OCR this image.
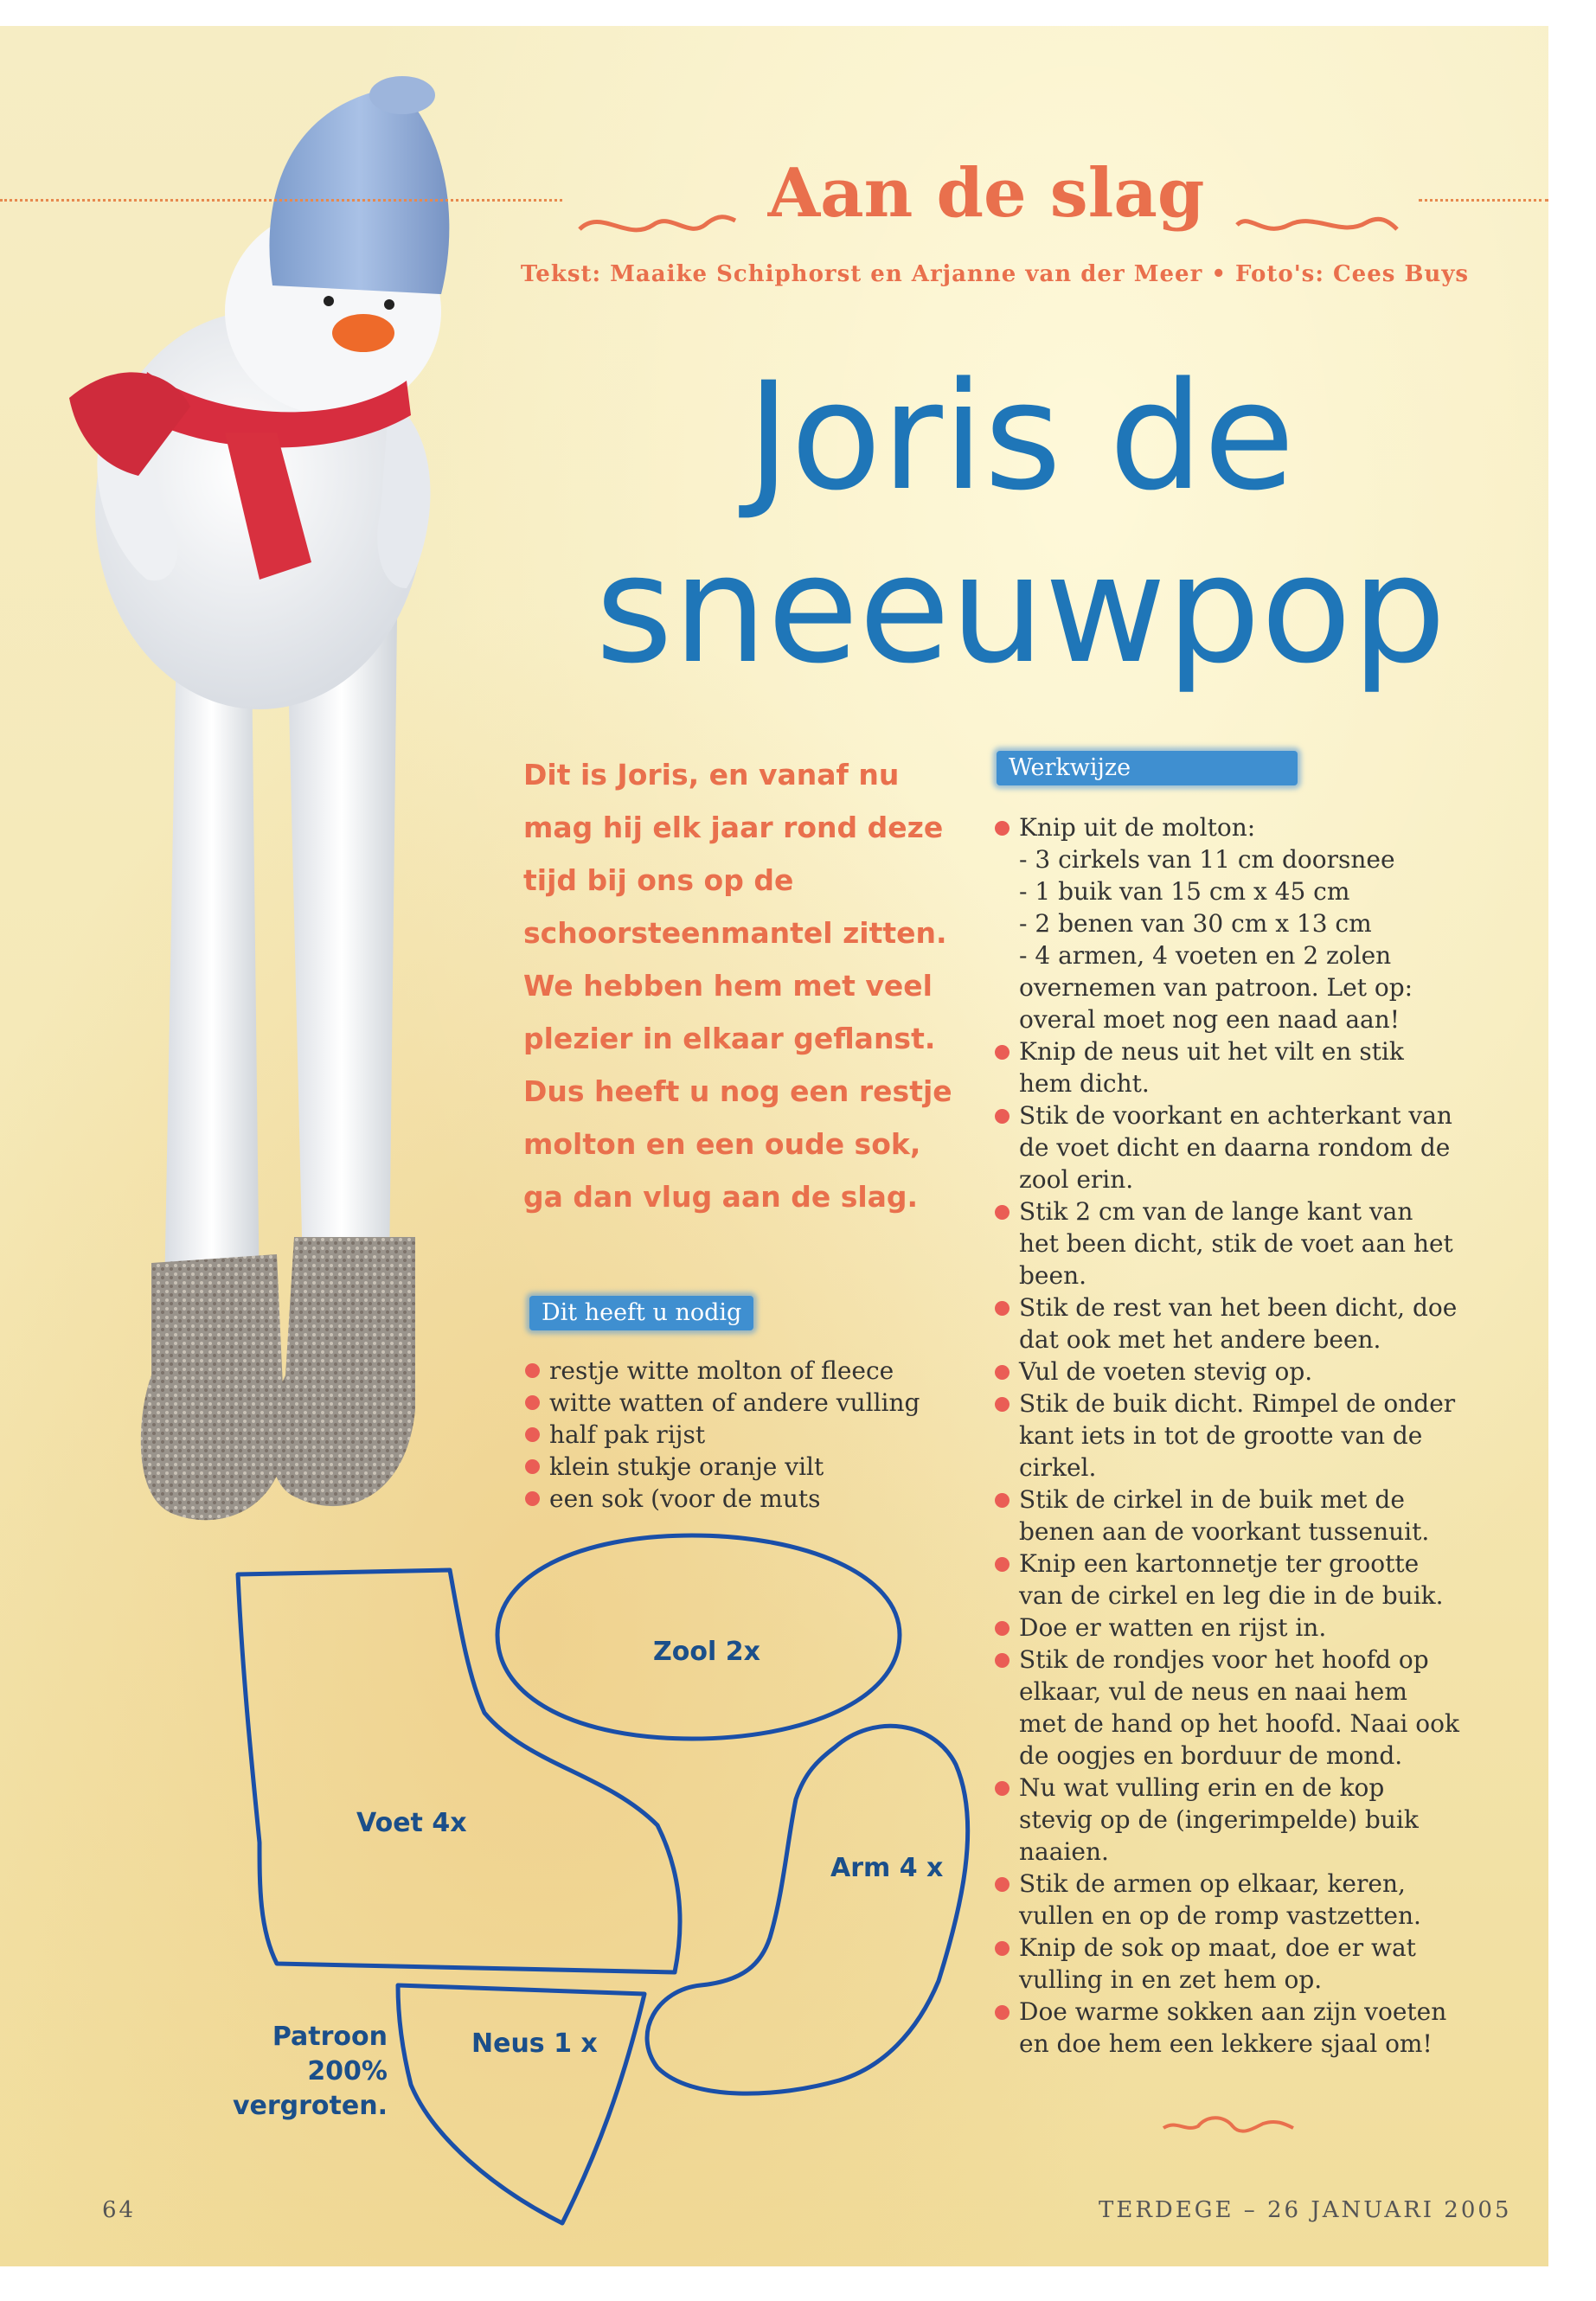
Aan de slag
Tekst: Maaike Schiphorst en Arjanne van der Meer • Foto's: Cees Buys
Joris de
sneeuwpop
Dit is Joris, en vanaf nu mag hij elk jaar rond deze tijd bij ons op de schoorsteenmantel zitten. We hebben hem met veel plezier in elkaar geflanst. Dus heeft u nog een restje molton en een oude sok, ga dan vlug aan de slag.
Dit heeft u nodig
restje witte molton of fleece
witte watten of andere vulling
half pak rijst
klein stukje oranje vilt
een sok (voor de muts
Werkwijze
Knip uit de molton:
- 3 cirkels van 11 cm doorsnee
- 1 buik van 15 cm x 45 cm
- 2 benen van 30 cm x 13 cm
- 4 armen, 4 voeten en 2 zolen overnemen van patroon. Let op: overal moet nog een naad aan!
Knip de neus uit het vilt en stik hem dicht.
Stik de voorkant en achterkant van de voet dicht en daarna rondom de zool erin.
Stik 2 cm van de lange kant van het been dicht, stik de voet aan het been.
Stik de rest van het been dicht, doe dat ook met het andere been.
Vul de voeten stevig op.
Stik de buik dicht. Rimpel de onder kant iets in tot de grootte van de cirkel.
Stik de cirkel in de buik met de benen aan de voorkant tussenuit.
Knip een kartonnetje ter grootte van de cirkel en leg die in de buik.
Doe er watten en rijst in.
Stik de rondjes voor het hoofd op elkaar, vul de neus en naai hem met de hand op het hoofd. Naai ook de oogjes en borduur de mond.
Nu wat vulling erin en de kop stevig op de (ingerimpelde) buik naaien.
Stik de armen op elkaar, keren, vullen en op de romp vastzetten.
Knip de sok op maat, doe er wat vulling in en zet hem op.
Doe warme sokken aan zijn voeten en doe hem een lekkere sjaal om!
Zool 2x
Voet 4x
Arm 4 x
Neus 1 x
Patroon
200%
vergroten.
64	TERDEGE – 26 JANUARI 2005
